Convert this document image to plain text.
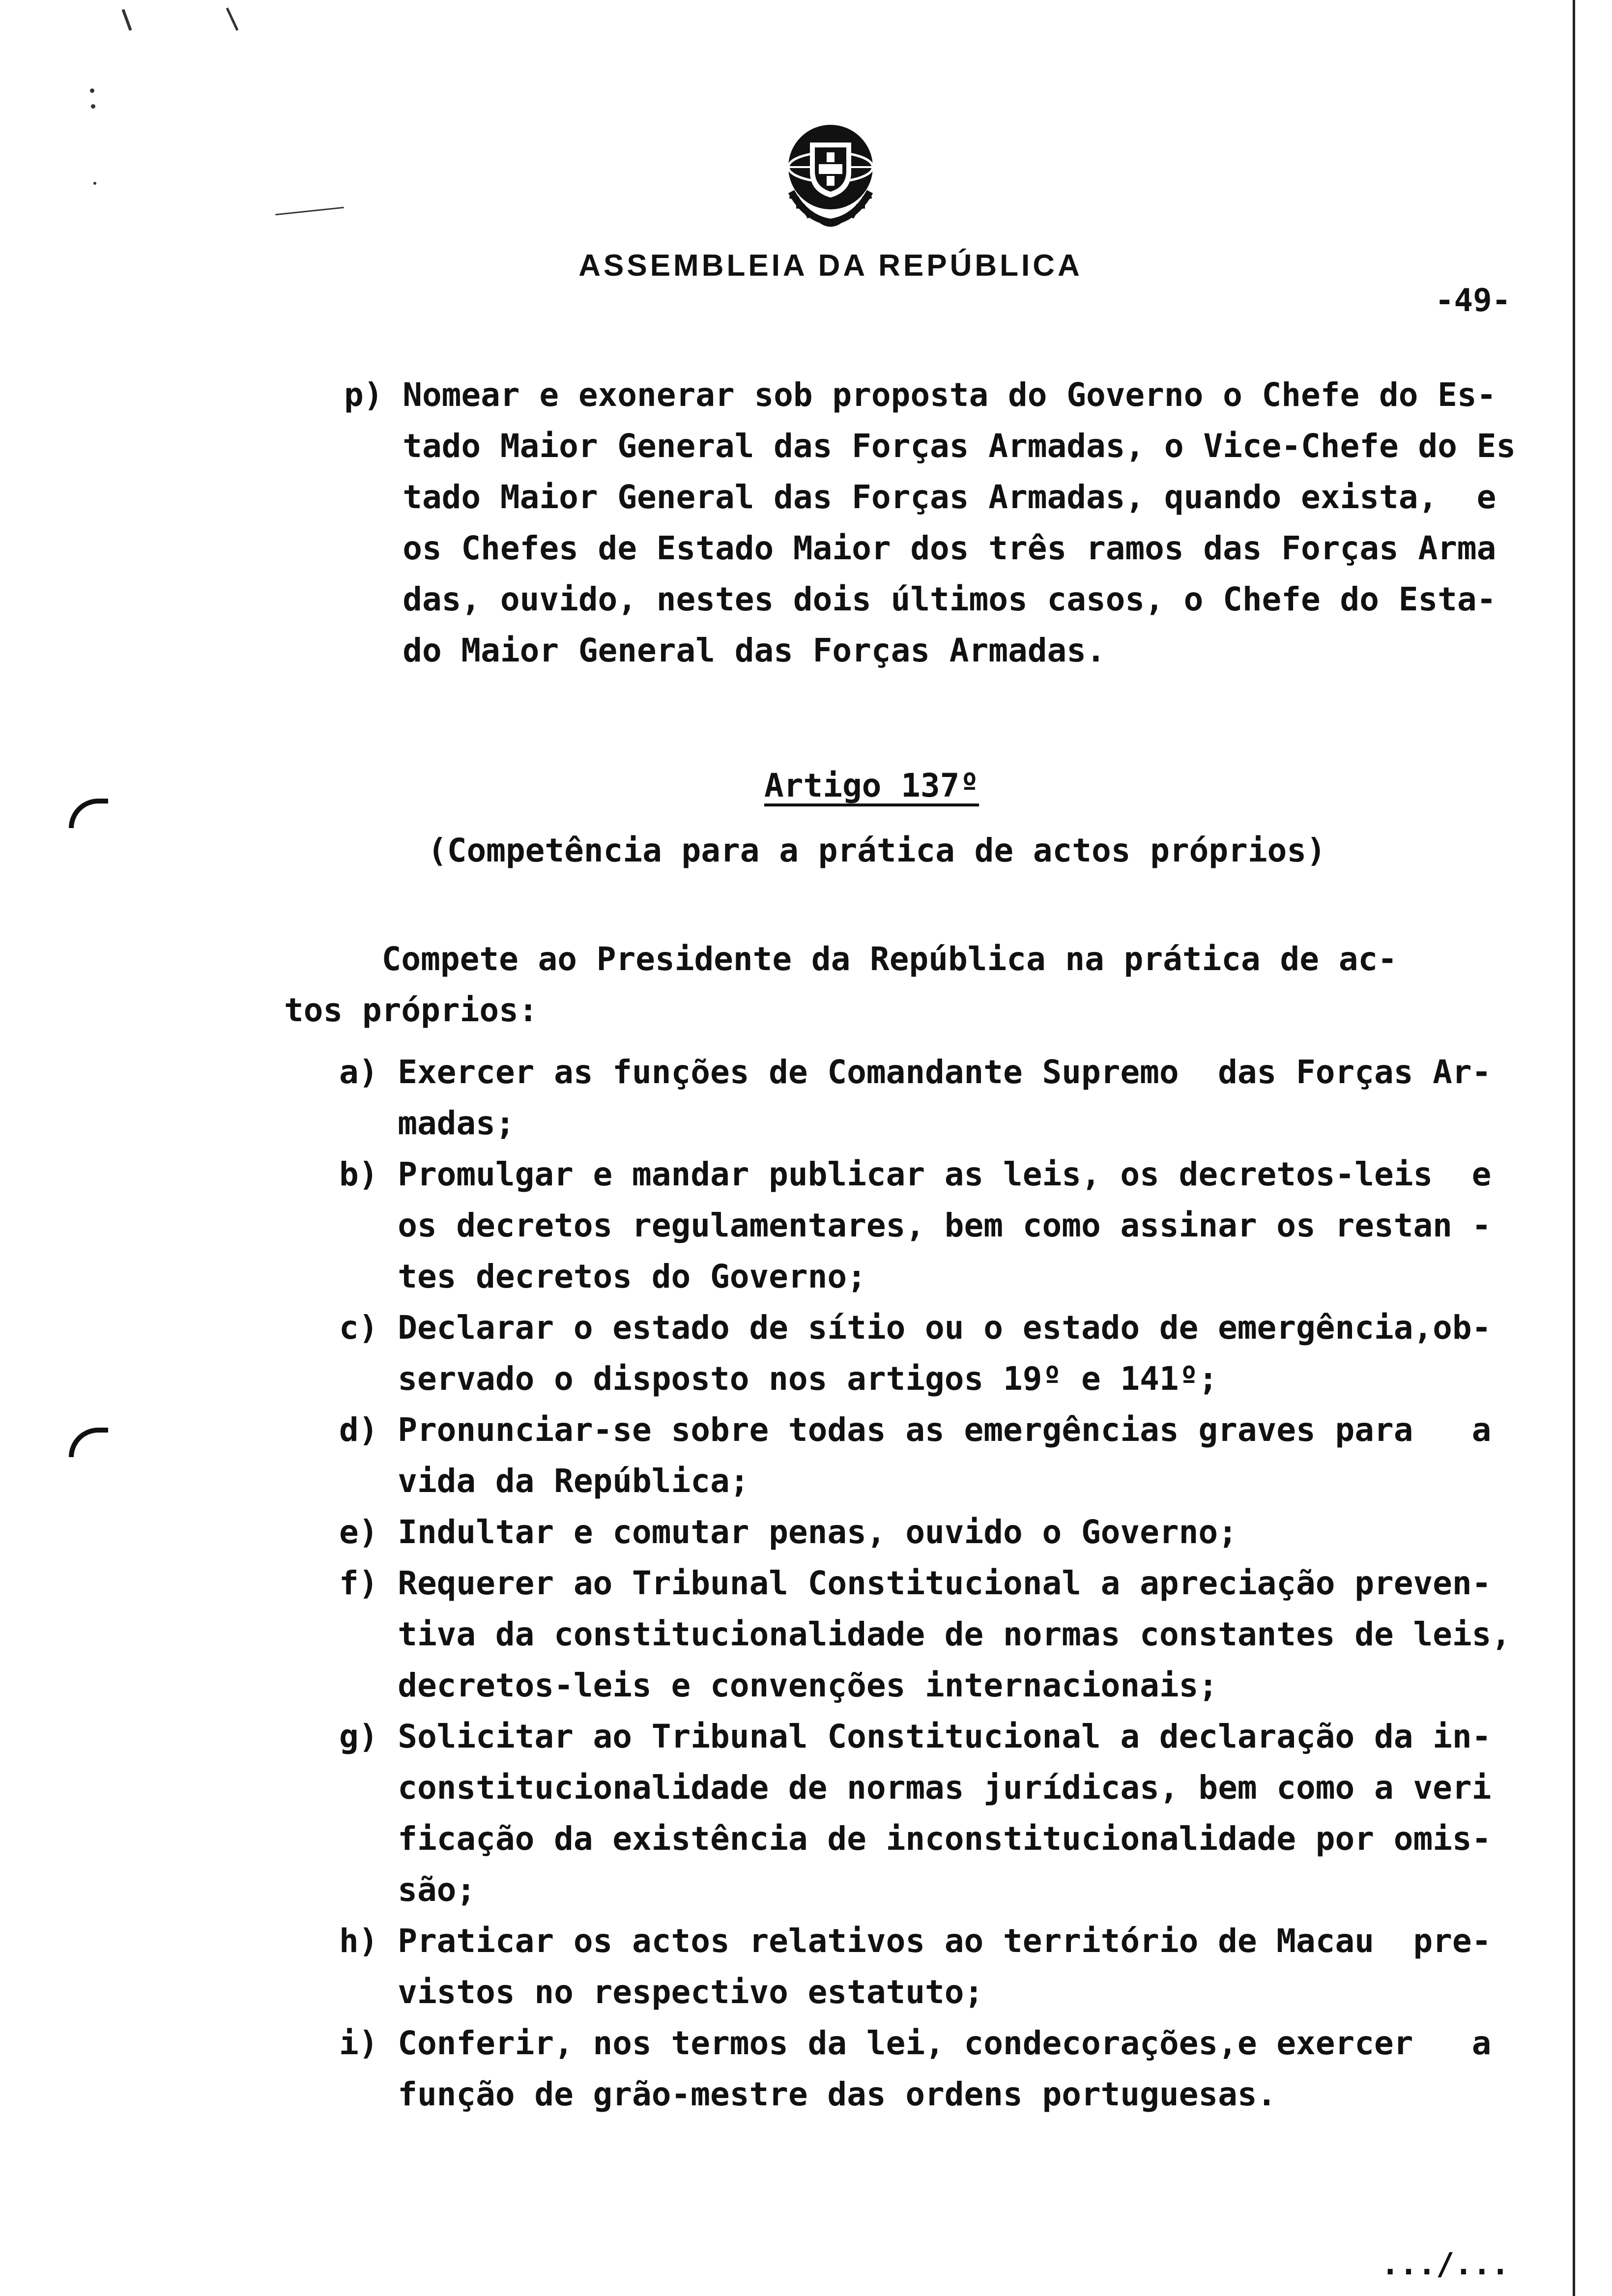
ASSEMBLEIA DA REPÚBLICA
-49-
p) Nomear e exonerar sob proposta do Governo o Chefe do Es-
tado Maior General das Forças Armadas, o Vice-Chefe do Es
tado Maior General das Forças Armadas, quando exista,  e
os Chefes de Estado Maior dos três ramos das Forças Arma
das, ouvido, nestes dois últimos casos, o Chefe do Esta-
do Maior General das Forças Armadas.
Artigo 137º
(Competência para a prática de actos próprios)
Compete ao Presidente da República na prática de ac-
tos próprios:
a) Exercer as funções de Comandante Supremo  das Forças Ar-
madas;
b) Promulgar e mandar publicar as leis, os decretos-leis  e
os decretos regulamentares, bem como assinar os restan -
tes decretos do Governo;
c) Declarar o estado de sítio ou o estado de emergência,ob-
servado o disposto nos artigos 19º e 141º;
d) Pronunciar-se sobre todas as emergências graves para   a
vida da República;
e) Indultar e comutar penas, ouvido o Governo;
f) Requerer ao Tribunal Constitucional a apreciação preven-
tiva da constitucionalidade de normas constantes de leis,
decretos-leis e convenções internacionais;
g) Solicitar ao Tribunal Constitucional a declaração da in-
constitucionalidade de normas jurídicas, bem como a veri
ficação da existência de inconstitucionalidade por omis-
são;
h) Praticar os actos relativos ao território de Macau  pre-
vistos no respectivo estatuto;
i) Conferir, nos termos da lei, condecorações,e exercer   a
função de grão-mestre das ordens portuguesas.
.../...
